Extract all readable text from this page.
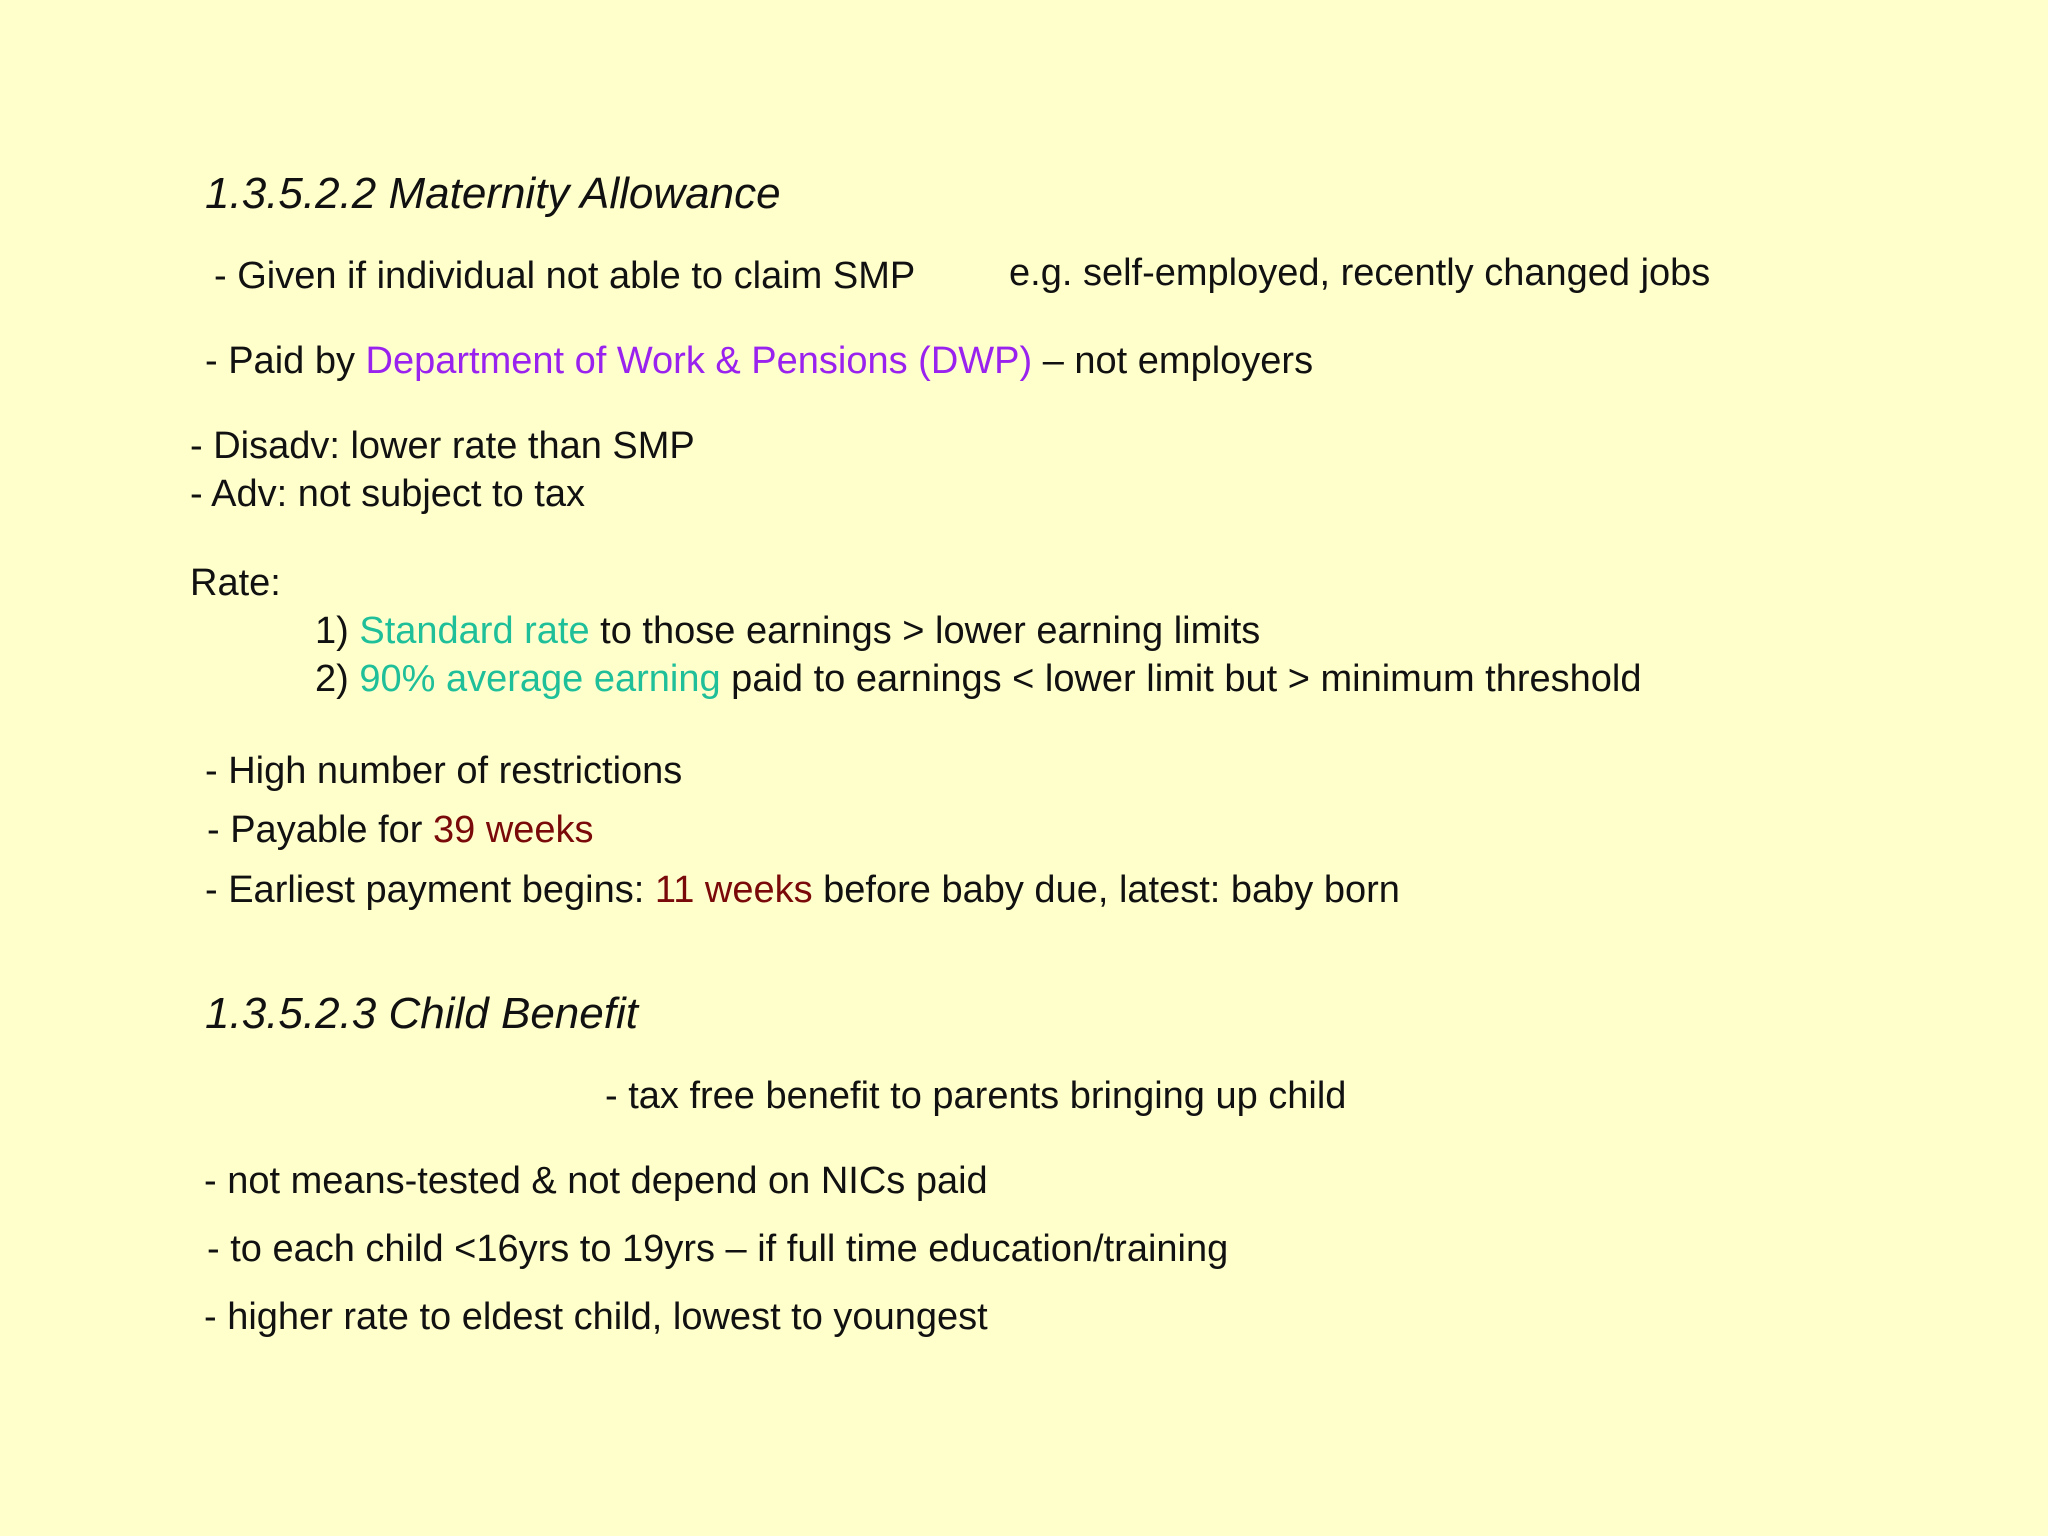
1.3.5.2.2 Maternity Allowance
- Given if individual not able to claim SMP e.g. self-employed, recently changed jobs
- Paid by Department of Work & Pensions (DWP) – not employers
- Disadv: lower rate than SMP
- Adv: not subject to tax
Rate:
1) Standard rate to those earnings > lower earning limits
2) 90% average earning paid to earnings < lower limit but > minimum threshold
- High number of restrictions
- Payable for 39 weeks
- Earliest payment begins: 11 weeks before baby due, latest: baby born
1.3.5.2.3 Child Benefit
- tax free benefit to parents bringing up child
- not means-tested & not depend on NICs paid
- to each child <16yrs to 19yrs – if full time education/training
- higher rate to eldest child, lowest to youngest
